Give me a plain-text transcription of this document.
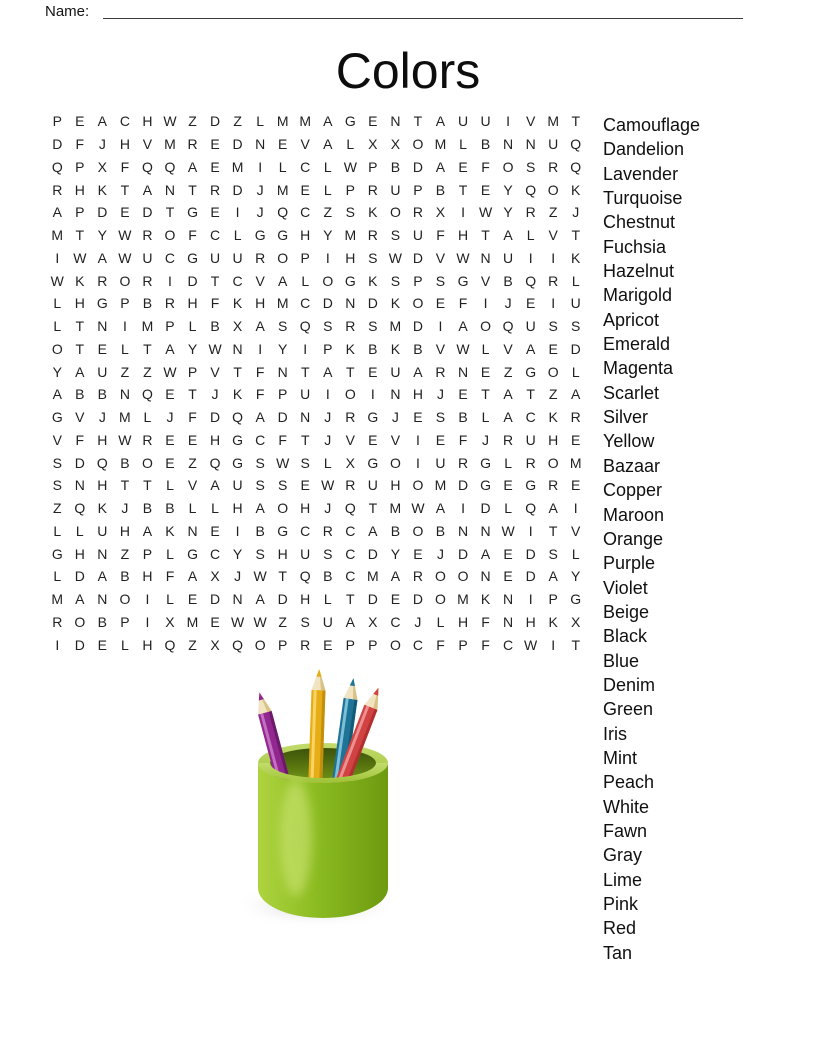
Name:
Colors
P E A C H W Z D Z	L M M A G E N T A U U	I	V M T
D F	J H V M R E D N E V A L X X O M L B N N U Q
Q P X F Q Q A E M	I	L C L W P B D A E F O S R Q
R H K T A N T R D J M E L P R U P B T E Y Q O K
A P D E D T G E	I	J Q C Z S K O R X	I W Y R Z	J
M T Y W R O F C L G G H Y M R S U F H T A L V T
I W A W U C G U U R O P	I	H S W D V W N U	I	I	K
W K R O R	I	D T C V A L O G K S P S G V B Q R L
L H G P B R H F K H M C D N D K O E F	I	J	E	I	U
L	T N	I	M P L B X A S Q S R S M D	I	A O Q U S S
O T E L	T A Y W N	I	Y	I	P K B K B V W L V A E D
Y A U Z Z W P V T F N T A T E U A R N E Z G O L
A B B N Q E T	J	K F P U	I	O	I	N H J	E T A T Z A
G V	J M L	J	F D Q A D N J R G J	E S B L A C K R
V F H W R E E H G C F T	J	V E V	I	E F	J R U H E
S D Q B O E Z Q G S W S L X G O	I	U R G L R O M
S N H T T	L V A U S S E W R U H O M D G E G R E
Z Q K	J	B B L	L H A O H J Q T M W A	I	D L Q A	I
L	L U H A K N E	I	B G C R C A B O B N N W I	T V
G H N Z P L G C Y S H U S C D Y E	J D A E D S L
L D A B H F A X	J W T Q B C M A R O O N E D A Y
M A N O	I	L E D N A D H L	T D E D O M K N	I	P G
R O B P	I	X M E W W Z S U A X C J	L H F N H K X
I	D E L H Q Z X Q O P R E P P O C F P F C W	I	T
Camouflage
Dandelion
Lavender
Turquoise
Chestnut
Fuchsia
Hazelnut
Marigold
Apricot
Emerald
Magenta
Scarlet
Silver
Yellow
Bazaar
Copper
Maroon
Orange
Purple
Violet
Beige
Black
Blue
Denim
Green
Iris
Mint
Peach
White
Fawn
Gray
Lime
Pink
Red
Tan
